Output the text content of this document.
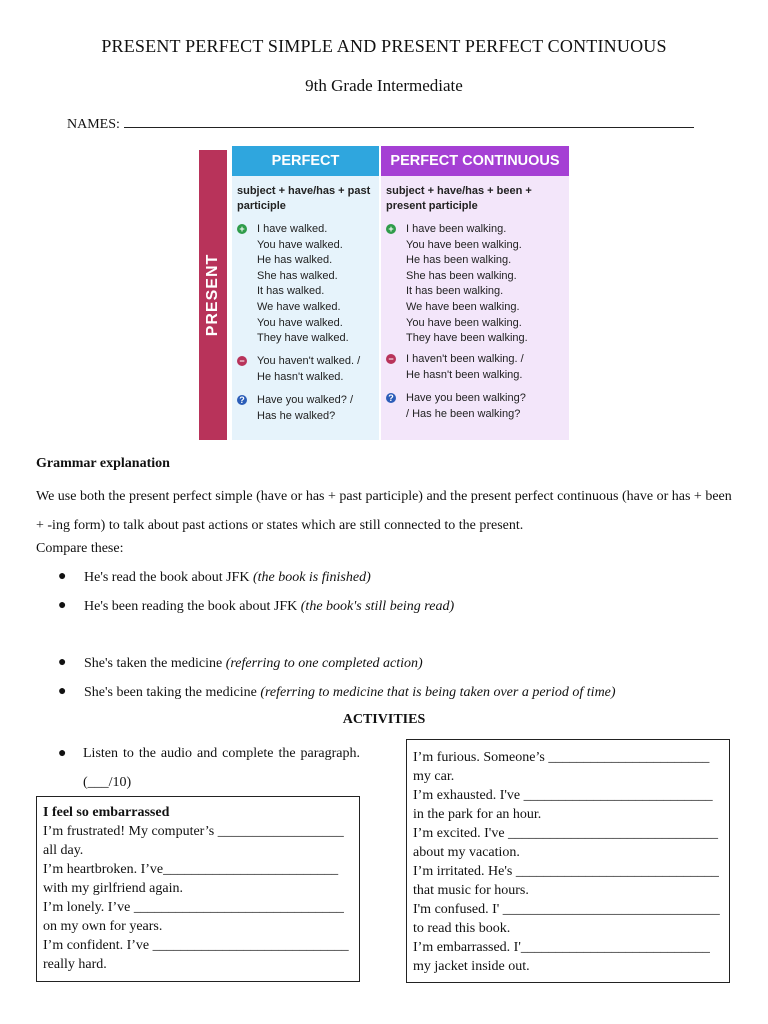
PRESENT PERFECT SIMPLE AND PRESENT PERFECT CONTINUOUS
9th Grade Intermediate
NAMES:
PRESENT
PERFECT
subject + have/has + past participle
+ I have walked.
You have walked.
He has walked.
She has walked.
It has walked.
We have walked.
You have walked.
They have walked.
− You haven't walked. /
He hasn't walked.
? Have you walked? /
Has he walked?
PERFECT CONTINUOUS
subject + have/has + been + present participle
+ I have been walking.
You have been walking.
He has been walking.
She has been walking.
It has been walking.
We have been walking.
You have been walking.
They have been walking.
− I haven't been walking. /
He hasn't been walking.
? Have you been walking?
/ Has he been walking?
Grammar explanation
We use both the present perfect simple (have or has + past participle) and the present perfect continuous (have or has + been + -ing form) to talk about past actions or states which are still connected to the present.
Compare these:
● He's read the book about JFK (the book is finished)
● He's been reading the book about JFK (the book's still being read)
● She's taken the medicine (referring to one completed action)
● She's been taking the medicine (referring to medicine that is being taken over a period of time)
ACTIVITIES
● Listen to the audio and complete the paragraph. (___/10)
I feel so embarrassed
I’m frustrated! My computer’s __________________
all day.
I’m heartbroken. I’ve_________________________
with my girlfriend again.
I’m lonely. I’ve ______________________________
on my own for years.
I’m confident. I’ve ____________________________
really hard.
I’m furious. Someone’s _______________________
my car.
I’m exhausted. I've ___________________________
in the park for an hour.
I’m excited. I've ______________________________
about my vacation.
I’m irritated. He's _____________________________
that music for hours.
I'm confused. I' _______________________________
to read this book.
I’m embarrassed. I'___________________________
my jacket inside out.
